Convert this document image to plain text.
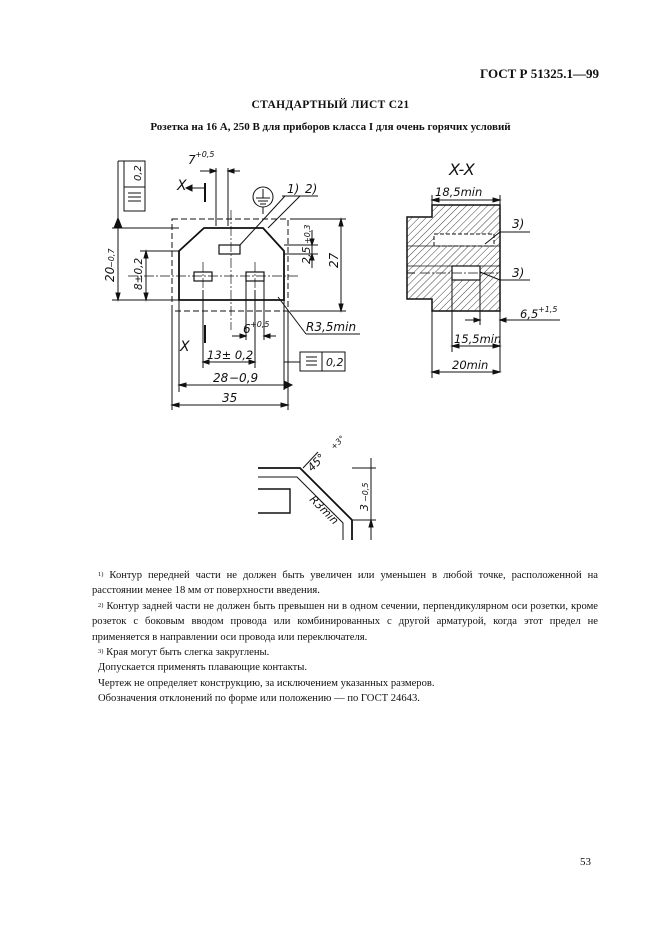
ГОСТ Р 51325.1—99
СТАНДАРТНЫЙ ЛИСТ С21
Розетка на 16 А, 250 В для приборов класса I для очень горячих условий
7 +0,5
X
X
1) 2)
0,2
2,5
+0,3
27
20
−0,7 8±0,2
6 +0,5	R3,5min
13± 0,2
0,2
28 −0,9
35
X-X
18,5min
3)
3)
6,5 +1,5
15,5min
20min
45°
+3°
R3min 3
−0,5

$^{1)}$ Контур передней части не должен быть увеличен или уменьшен в любой точке, расположенной на расстоянии менее 18 мм от поверхности введения.

$^{2)}$ Контур задней части не должен быть превышен ни в одном сечении, перпендикулярном оси розетки, кроме розеток с боковым вводом провода или комбинированных с другой арматурой, когда этот предел не применяется в направлении оси провода или переключателя.

$^{3)}$ Края могут быть слегка закруглены.

Допускается применять плавающие контакты.

Чертеж не определяет конструкцию, за исключением указанных размеров.

Обозначения отклонений по форме или положению — по ГОСТ 24643.

53
